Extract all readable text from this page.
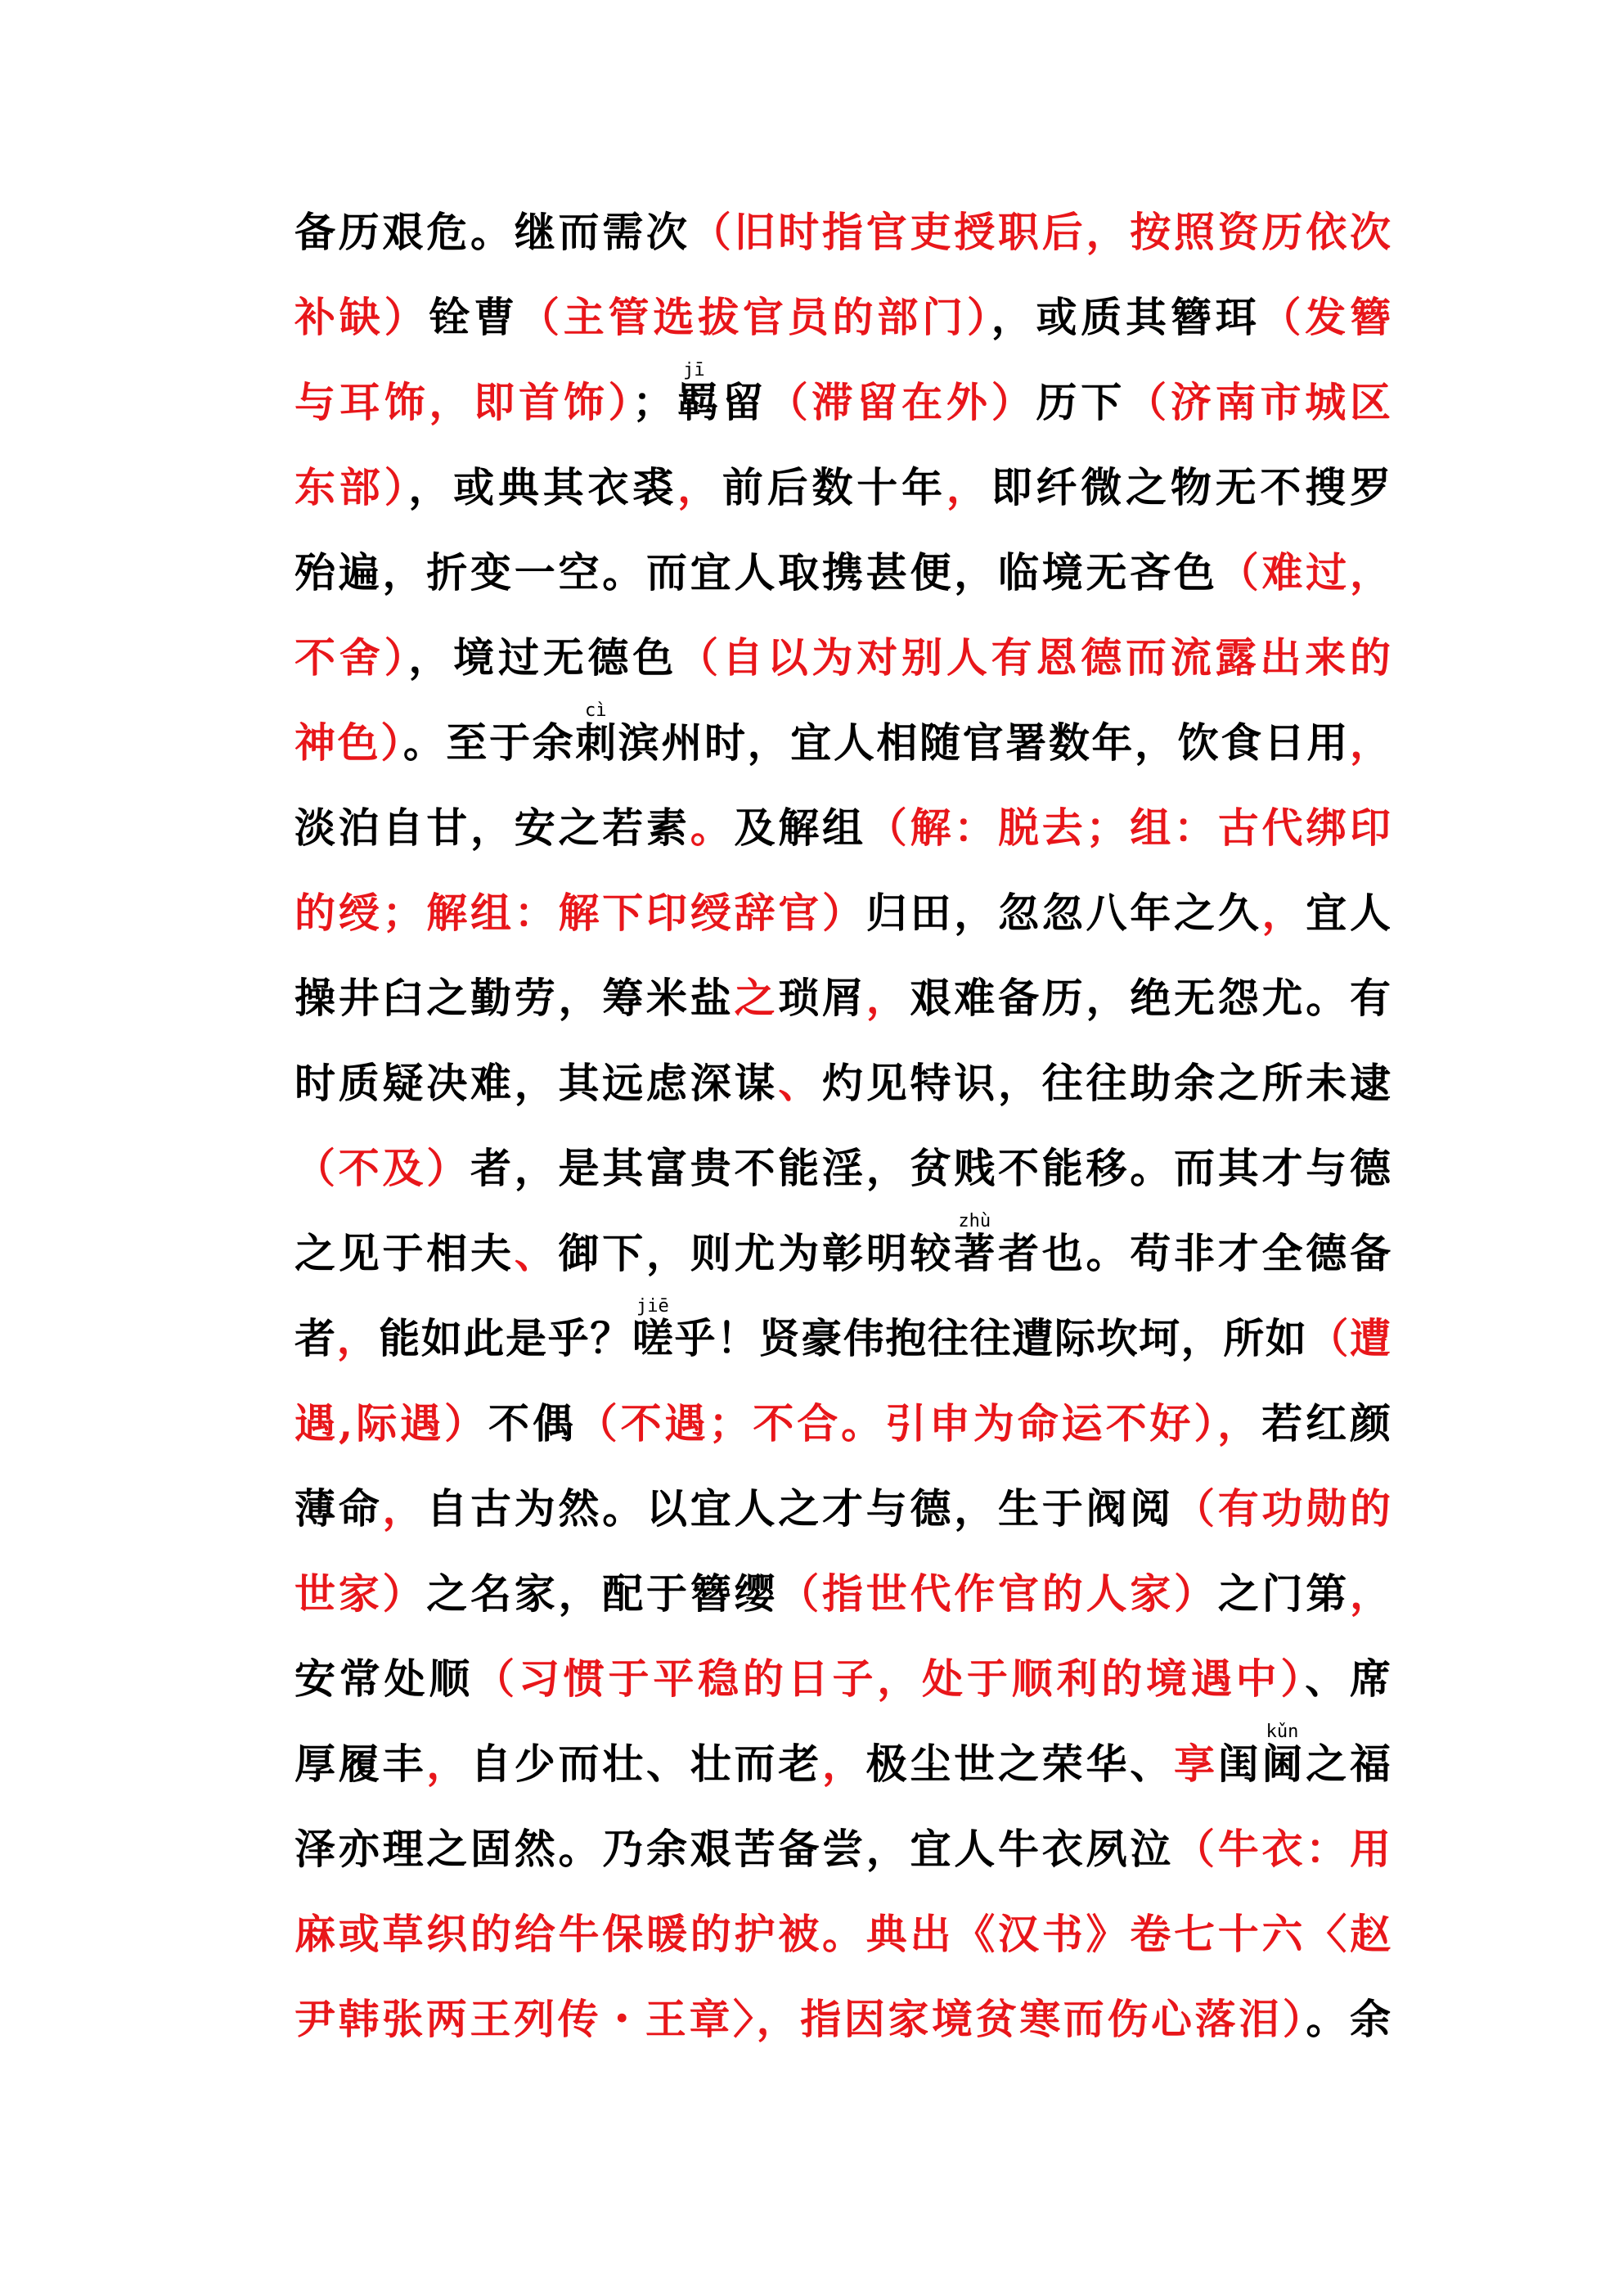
备历艰危。继而需次（旧时指官吏授职后，按照资历依次
补缺）铨曹（主管选拔官员的部门），或质其簪珥（发簪
与耳饰，即首饰）；羁jī留（滞留在外）历下（济南市城区
东部），或典其衣裘，前后数十年，即纤微之物无不搜罗
殆遍，折变一空。而宜人取携甚便，临境无吝色（难过，
不舍），境过无德色（自以为对别人有恩德而流露出来的
神色）。至于余刺cì滨州时，宜人相随官署数年，饮食日用，
淡泊自甘，安之若素。及解组（解：脱去；组：古代绑印
的绶；解组：解下印绶辞官）归田，忽忽八年之久，宜人
操井臼之勤劳，筹米盐之琐屑，艰难备历，绝无怨尤。有
时质疑决难，其远虑深谋、灼见特识，往往助余之所未逮
（不及）者，是其富贵不能淫，贫贱不能移。而其才与德
之见于相夫、御下，则尤为彰明较著zhù者也。苟非才全德备
者，能如此是乎？嗟jiē乎！贤豪伟抱往往遭际坎坷，所如（遭
遇,际遇）不偶（不遇；不合。引申为命运不好），若红颜
薄命，自古为然。以宜人之才与德，生于阀阅（有功勋的
世家）之名家，配于簪缨（指世代作官的人家）之门第，
安常处顺（习惯于平稳的日子，处于顺利的境遇中）、席
厚履丰，自少而壮、壮而老，极尘世之荣华、享闺阃kǔn之福
泽亦理之固然。乃余艰苦备尝，宜人牛衣夙泣（牛衣：用
麻或草织的给牛保暖的护被。典出《汉书》卷七十六〈赵
尹韩张两王列传・王章〉，指因家境贫寒而伤心落泪）。余
